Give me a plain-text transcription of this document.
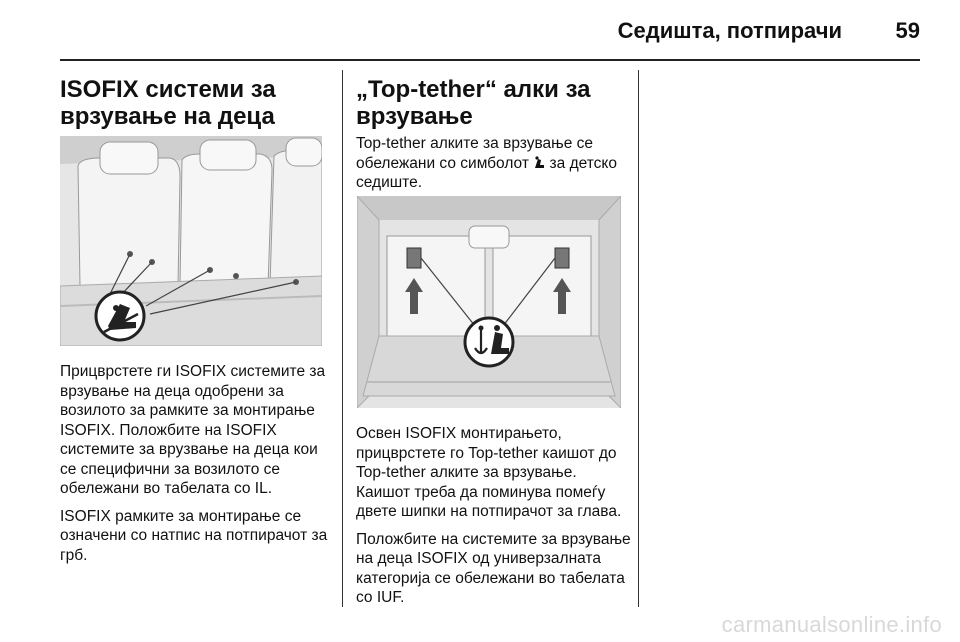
Седишта, потпирачи 59
ISOFIX системи за
врзување на деца

Прицврстете ги ISOFIX системите за врзување на деца одобрени за возилото за рамките за монтирање ISOFIX. Положбите на ISOFIX системите за врузвање на деца кои се специфични за возилото се обележани во табелата со IL.

ISOFIX рамките за монтирање се означени со натпис на потпирачот за грб.

„Top-tether“ алки за
врзување

Top-tether алките за врзување се обележани со симболот  за детско седиште.

Освен ISOFIX монтирањето, прицврстете го Top-tether каишот до Top-tether алките за врзување. Каишот треба да поминува помеѓу двете шипки на потпирачот за глава.

Положбите на системите за врзување на деца ISOFIX од универзалната категорија се обележани во табелата со IUF.

carmanualsonline.info
